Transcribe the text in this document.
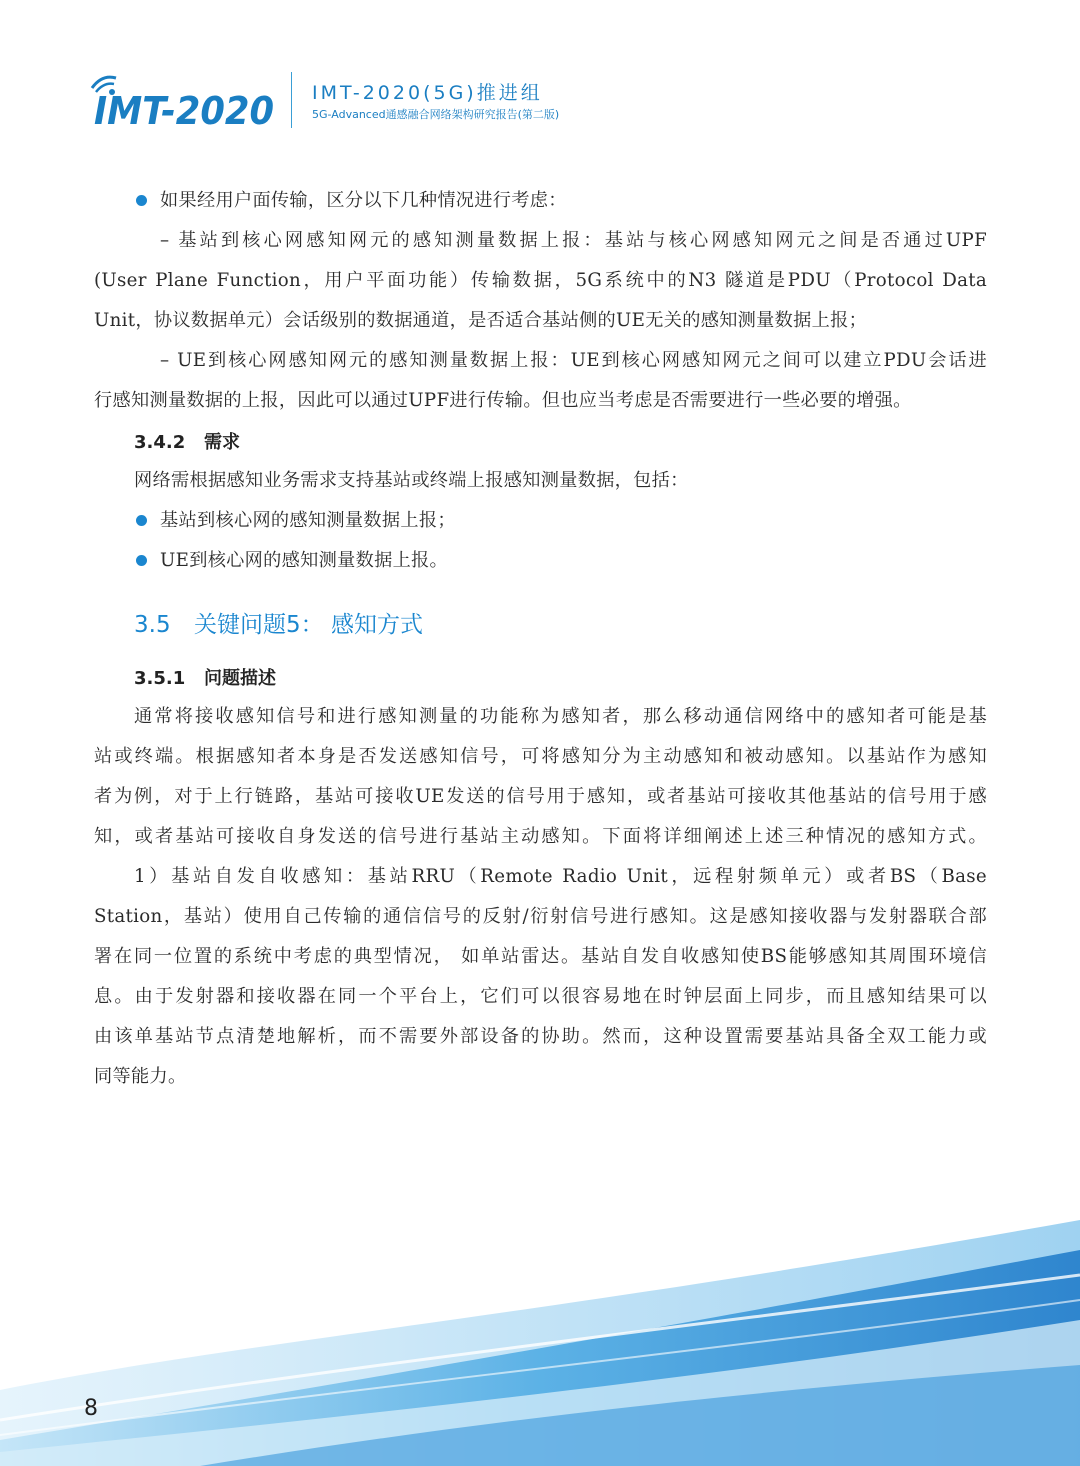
IMT-2020 IMT-2020(5G)推进组
5G-Advanced通感融合网络架构研究报告(第二版)

如果经用户面传输，区分以下几种情况进行考虑：

– 基站到核心网感知网元的感知测量数据上报：基站与核心网感知网元之间是否通过UPF

(User Plane Function，用户平面功能）传输数据，5G系统中的N3 隧道是PDU（Protocol Data

Unit，协议数据单元）会话级别的数据通道，是否适合基站侧的UE无关的感知测量数据上报；

– UE到核心网感知网元的感知测量数据上报：UE到核心网感知网元之间可以建立PDU会话进

行感知测量数据的上报，因此可以通过UPF进行传输。但也应当考虑是否需要进行一些必要的增强。

3.4.2 需求

网络需根据感知业务需求支持基站或终端上报感知测量数据，包括：

基站到核心网的感知测量数据上报；

UE到核心网的感知测量数据上报。

3.5 关键问题5： 感知方式
3.5.1 问题描述

通常将接收感知信号和进行感知测量的功能称为感知者，那么移动通信网络中的感知者可能是基

站或终端。根据感知者本身是否发送感知信号，可将感知分为主动感知和被动感知。以基站作为感知

者为例，对于上行链路，基站可接收UE发送的信号用于感知，或者基站可接收其他基站的信号用于感

知，或者基站可接收自身发送的信号进行基站主动感知。下面将详细阐述上述三种情况的感知方式。

1）基站自发自收感知：基站RRU（Remote Radio Unit，远程射频单元）或者BS（Base

Station，基站）使用自己传输的通信信号的反射/衍射信号进行感知。这是感知接收器与发射器联合部

署在同一位置的系统中考虑的典型情况， 如单站雷达。基站自发自收感知使BS能够感知其周围环境信

息。由于发射器和接收器在同一个平台上，它们可以很容易地在时钟层面上同步，而且感知结果可以

由该单基站节点清楚地解析，而不需要外部设备的协助。然而，这种设置需要基站具备全双工能力或

同等能力。

8
